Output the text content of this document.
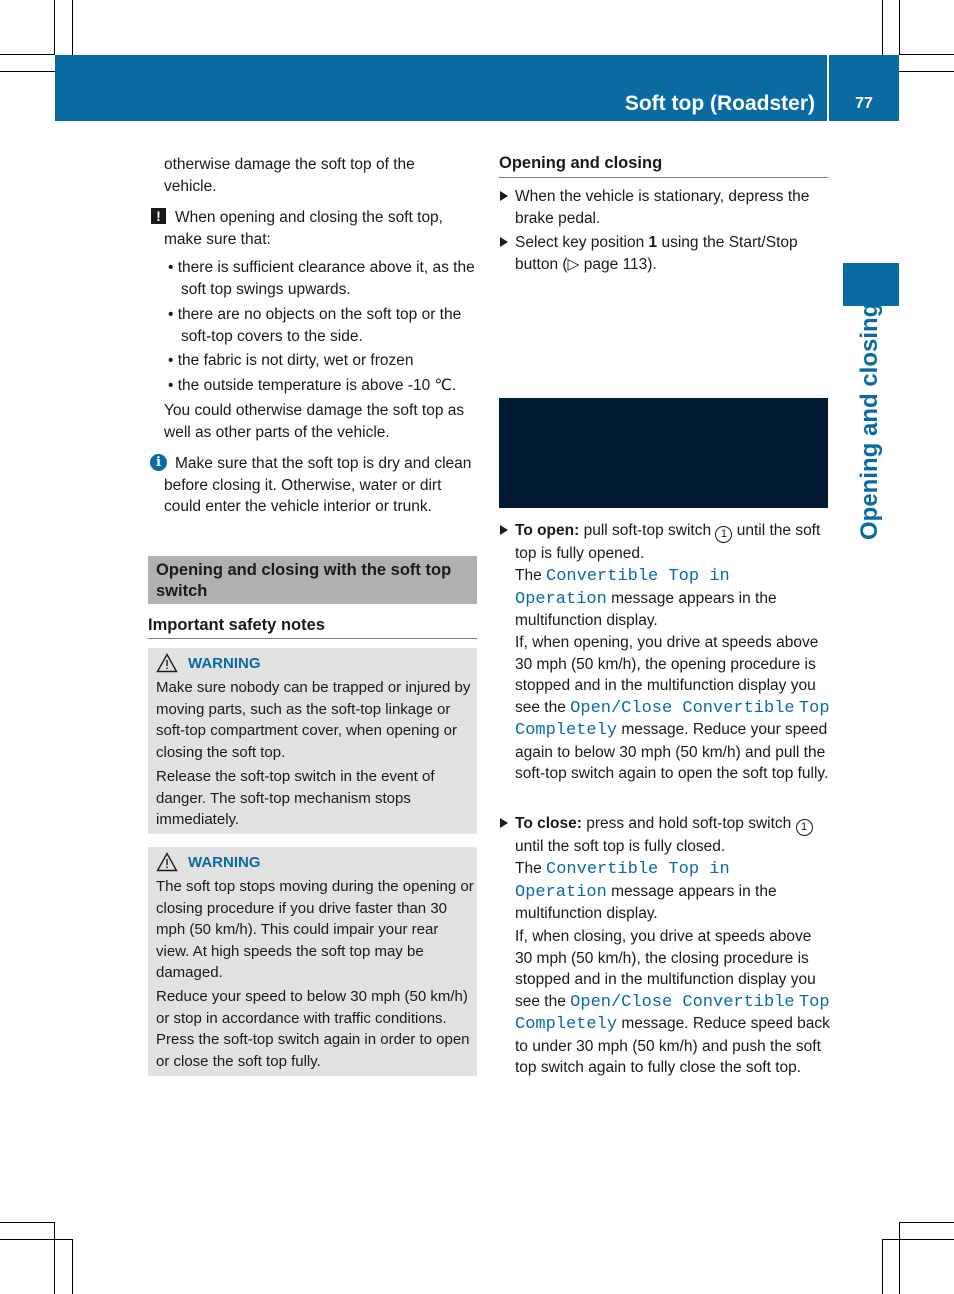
Soft top (Roadster)	77
Opening and closing
otherwise damage the soft top of the vehicle.
! When opening and closing the soft top, make sure that:
• there is sufficient clearance above it, as the soft top swings upwards.
• there are no objects on the soft top or the soft-top covers to the side.
• the fabric is not dirty, wet or frozen
• the outside temperature is above -10 ℃.
You could otherwise damage the soft top as well as other parts of the vehicle.
i Make sure that the soft top is dry and clean before closing it. Otherwise, water or dirt could enter the vehicle interior or trunk.
Opening and closing with the soft top switch
Important safety notes
WARNING
Make sure nobody can be trapped or injured by moving parts, such as the soft-top linkage or soft-top compartment cover, when opening or closing the soft top.
Release the soft-top switch in the event of danger. The soft-top mechanism stops immediately.
WARNING
The soft top stops moving during the opening or closing procedure if you drive faster than 30 mph (50 km/h). This could impair your rear view. At high speeds the soft top may be damaged.
Reduce your speed to below 30 mph (50 km/h) or stop in accordance with traffic conditions. Press the soft-top switch again in order to open or close the soft top fully.
Opening and closing
When the vehicle is stationary, depress the brake pedal.
Select key position 1 using the Start/Stop button (▷ page 113).
To open: pull soft-top switch 1 until the soft top is fully opened.
The Convertible Top in Operation message appears in the multifunction display.
If, when opening, you drive at speeds above 30 mph (50 km/h), the opening procedure is stopped and in the multifunction display you see the Open/Close Convertible Top Completely message. Reduce your speed again to below 30 mph (50 km/h) and pull the soft-top switch again to open the soft top fully.
To close: press and hold soft-top switch 1 until the soft top is fully closed.
The Convertible Top in Operation message appears in the multifunction display.
If, when closing, you drive at speeds above 30 mph (50 km/h), the closing procedure is stopped and in the multifunction display you see the Open/Close Convertible Top Completely message. Reduce speed back to under 30 mph (50 km/h) and push the soft top switch again to fully close the soft top.
